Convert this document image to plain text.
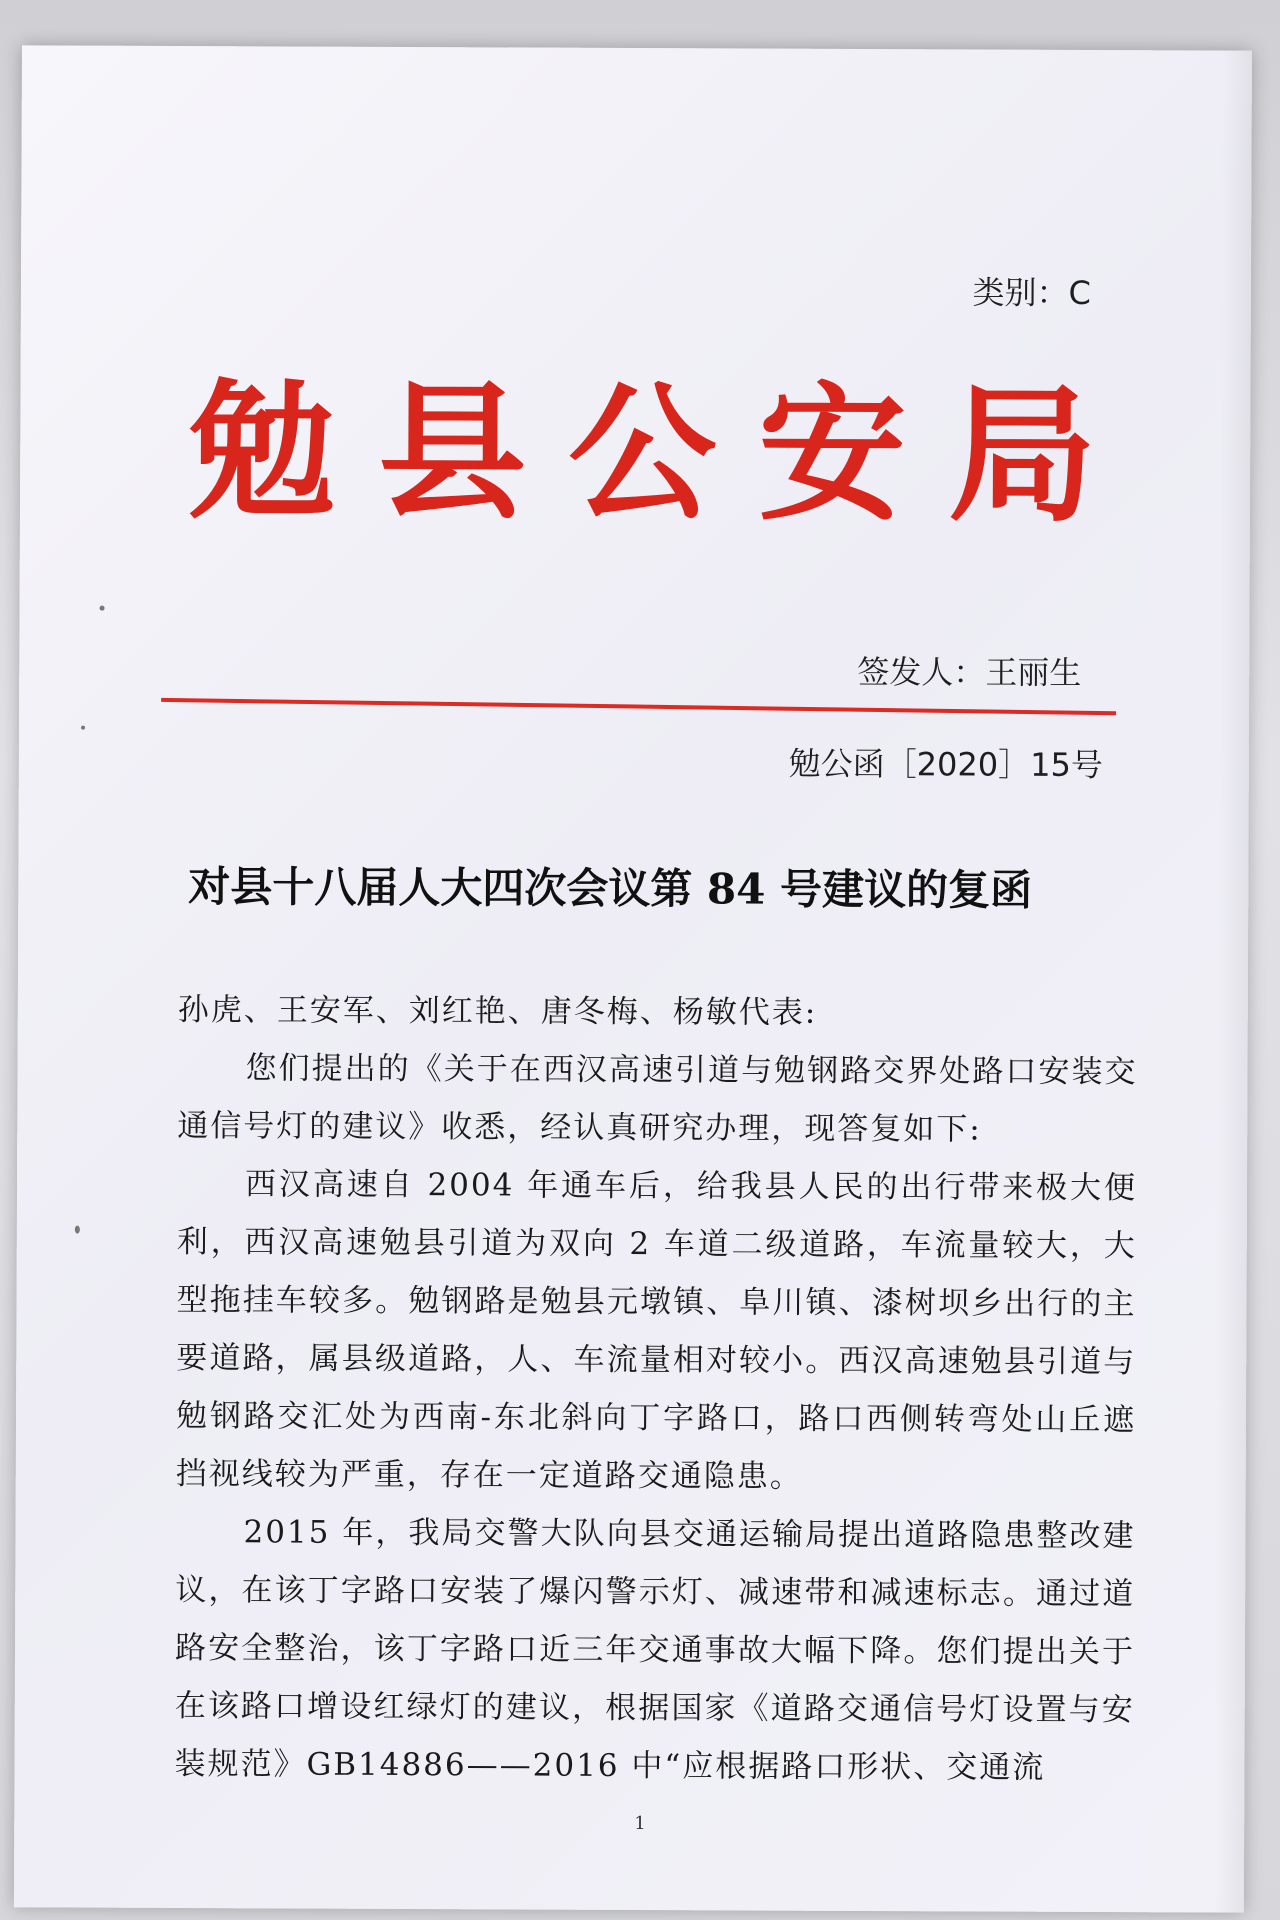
类别：C
勉县公安局
签发人：王丽生
勉公函［2020］15号
对县十八届人大四次会议第 84 号建议的复函

孙虎、王安军、刘红艳、唐冬梅、杨敏代表:

您们提出的《关于在西汉高速引道与勉钢路交界处路口安装交通信号灯的建议》收悉，经认真研究办理，现答复如下:

西汉高速自 2004 年通车后，给我县人民的出行带来极大便利，西汉高速勉县引道为双向 2 车道二级道路，车流量较大，大型拖挂车较多。勉钢路是勉县元墩镇、阜川镇、漆树坝乡出行的主要道路，属县级道路，人、车流量相对较小。西汉高速勉县引道与勉钢路交汇处为西南-东北斜向丁字路口，路口西侧转弯处山丘遮挡视线较为严重，存在一定道路交通隐患。

2015 年，我局交警大队向县交通运输局提出道路隐患整改建议，在该丁字路口安装了爆闪警示灯、减速带和减速标志。通过道路安全整治，该丁字路口近三年交通事故大幅下降。您们提出关于在该路口增设红绿灯的建议，根据国家《道路交通信号灯设置与安装规范》GB14886——2016 中“应根据路口形状、交通流

1
